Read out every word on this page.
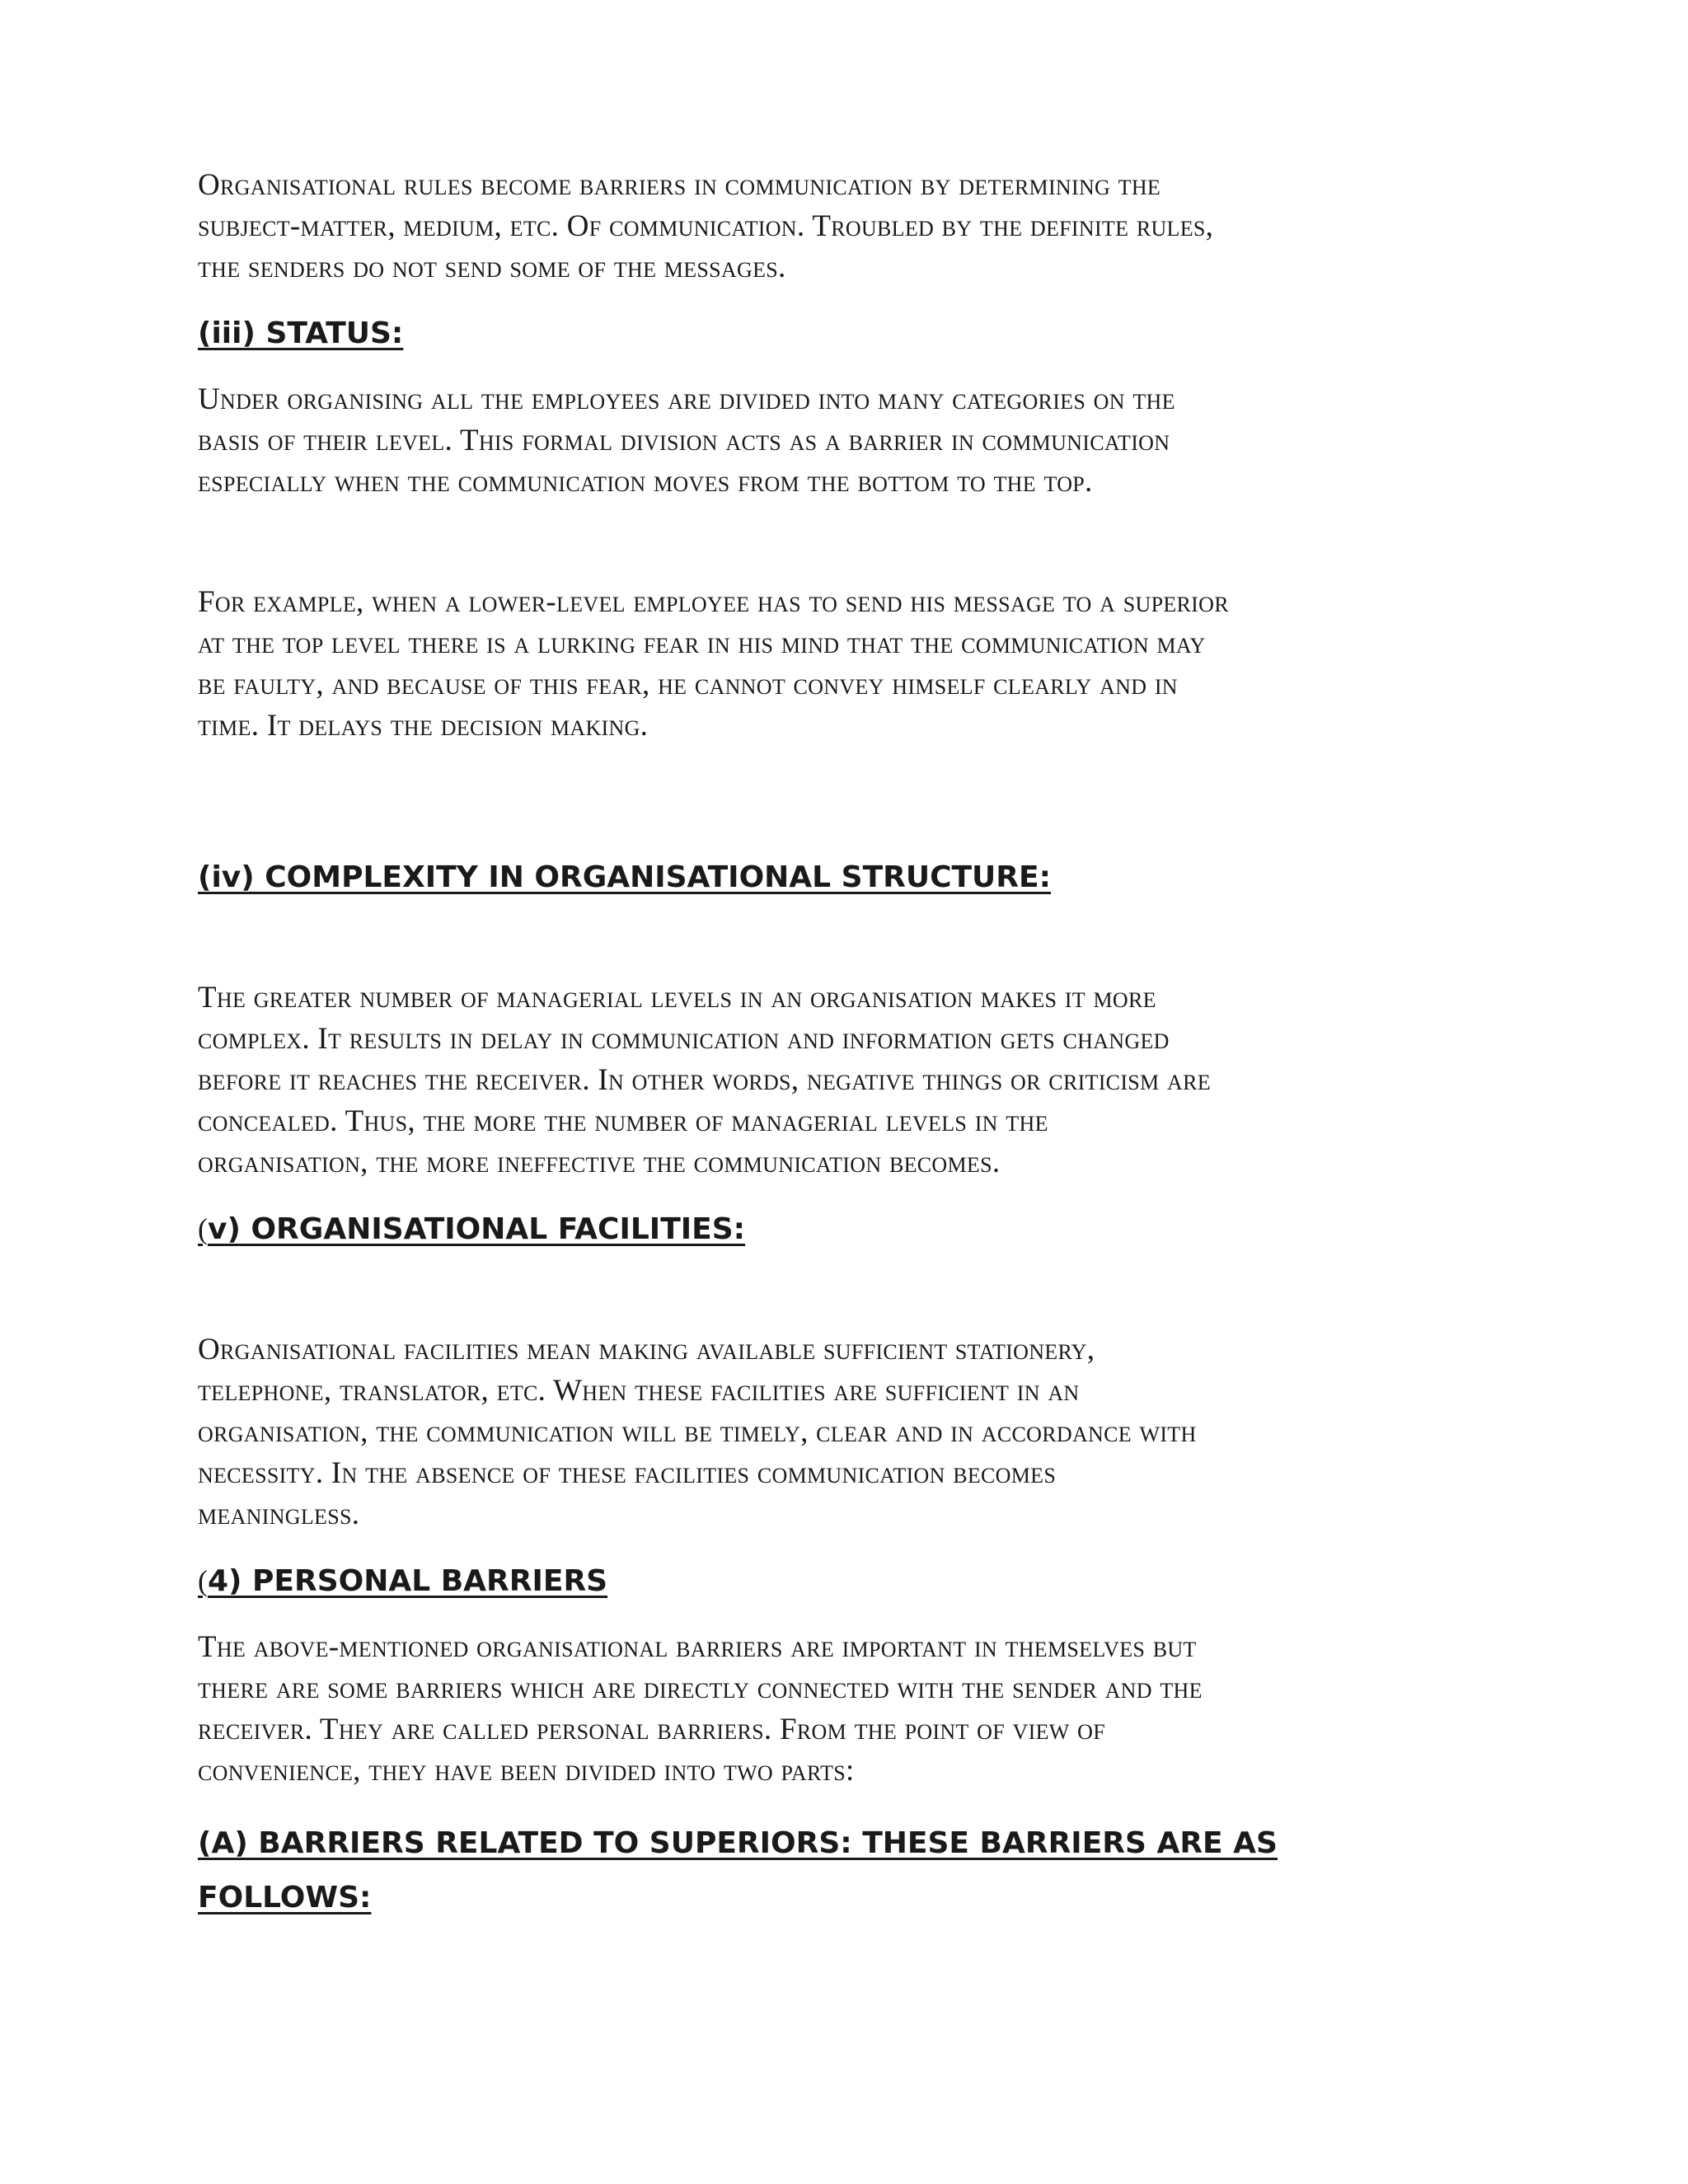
Organisational rules become barriers in communication by determining the
subject-matter, medium, etc. Of communication. Troubled by the definite rules,
the senders do not send some of the messages.

(iii) STATUS:

Under organising all the employees are divided into many categories on the
basis of their level. This formal division acts as a barrier in communication
especially when the communication moves from the bottom to the top.

For example, when a lower-level employee has to send his message to a superior
at the top level there is a lurking fear in his mind that the communication may
be faulty, and because of this fear, he cannot convey himself clearly and in
time. It delays the decision making.

(iv) COMPLEXITY IN ORGANISATIONAL STRUCTURE:

The greater number of managerial levels in an organisation makes it more
complex. It results in delay in communication and information gets changed
before it reaches the receiver. In other words, negative things or criticism are
concealed. Thus, the more the number of managerial levels in the
organisation, the more ineffective the communication becomes.

(v) ORGANISATIONAL FACILITIES:

Organisational facilities mean making available sufficient stationery,
telephone, translator, etc. When these facilities are sufficient in an
organisation, the communication will be timely, clear and in accordance with
necessity. In the absence of these facilities communication becomes
meaningless.

(4) PERSONAL BARRIERS

The above-mentioned organisational barriers are important in themselves but
there are some barriers which are directly connected with the sender and the
receiver. They are called personal barriers. From the point of view of
convenience, they have been divided into two parts:

(A) BARRIERS RELATED TO SUPERIORS: THESE BARRIERS ARE AS
FOLLOWS:
